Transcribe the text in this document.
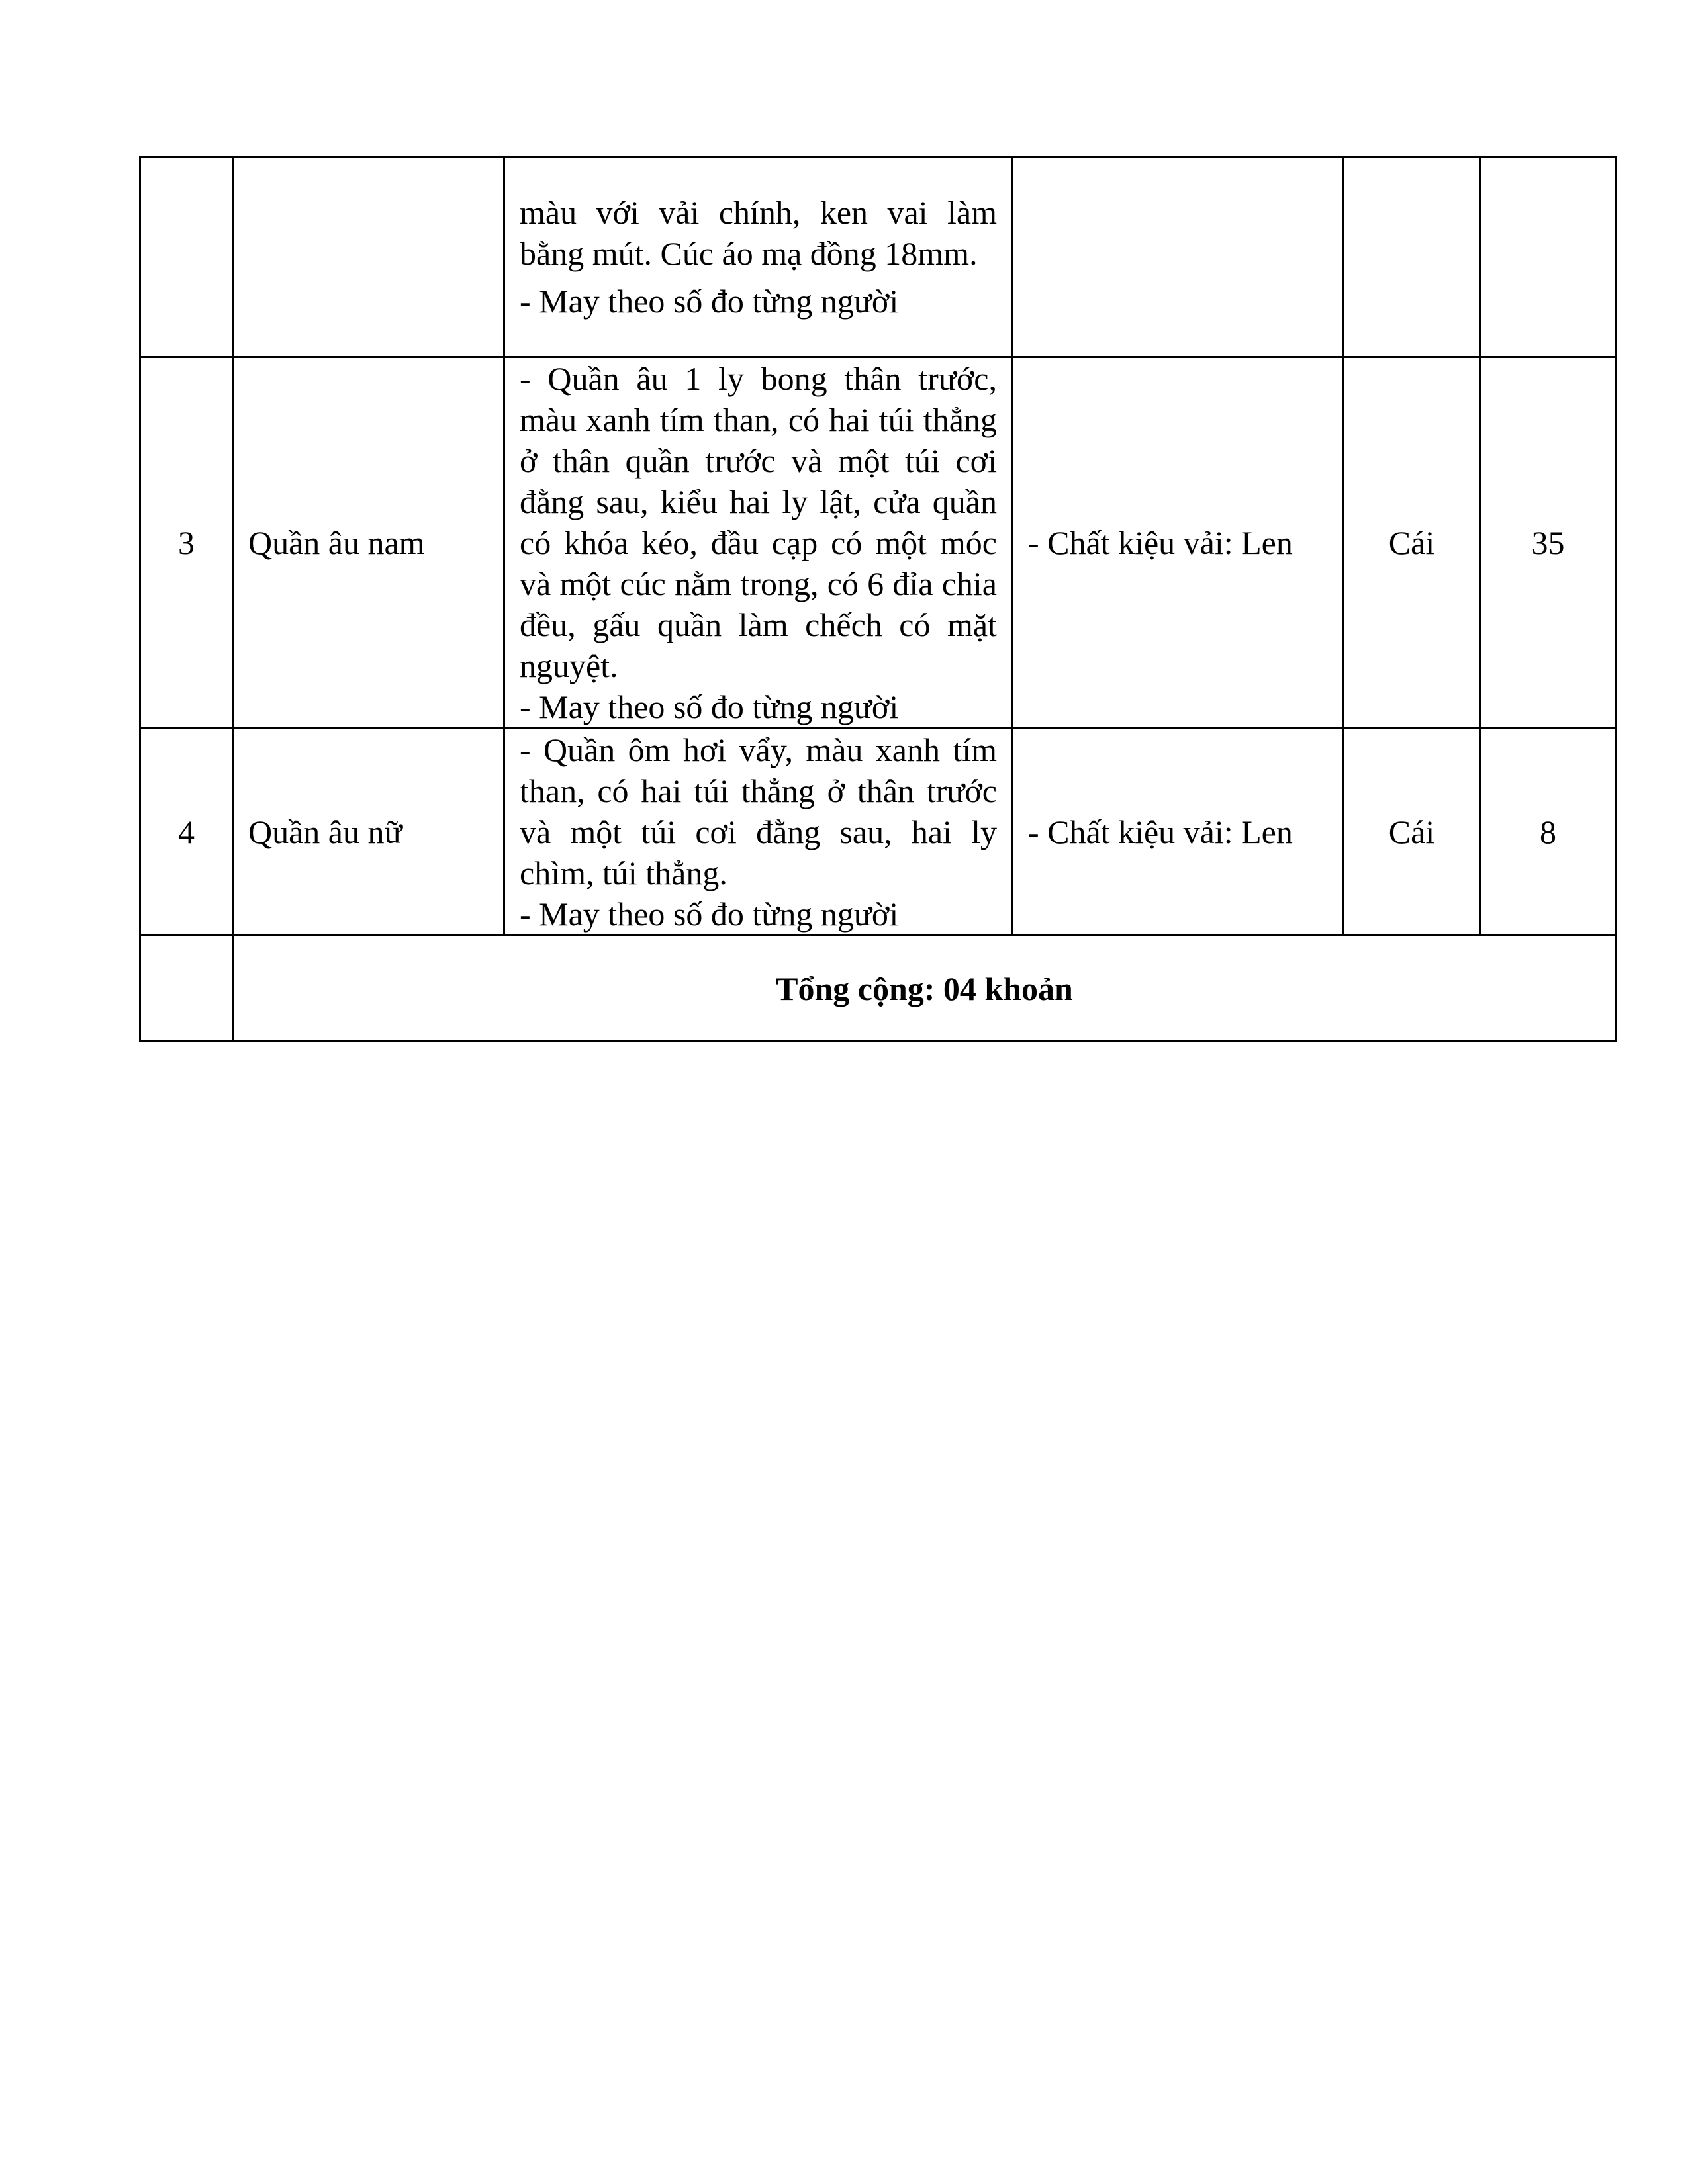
		màu với vải chính, ken vai làm bằng mút. Cúc áo mạ đồng 18mm.
- May theo số đo từng người			

3	Quần âu nam	- Quần âu 1 ly bong thân trước, màu xanh tím than, có hai túi thẳng ở thân quần trước và một túi cơi đằng sau, kiểu hai ly lật, cửa quần có khóa kéo, đầu cạp có một móc và một cúc nằm trong, có 6 đỉa chia đều, gấu quần làm chếch có mặt nguyệt.
- May theo số đo từng người	- Chất kiệu vải: Len	Cái	35
4	Quần âu nữ	- Quần ôm hơi vẩy, màu xanh tím than, có hai túi thẳng ở thân trước và một túi cơi đằng sau, hai ly chìm, túi thẳng.
- May theo số đo từng người	- Chất kiệu vải: Len	Cái	8
	Tổng cộng: 04 khoản				
